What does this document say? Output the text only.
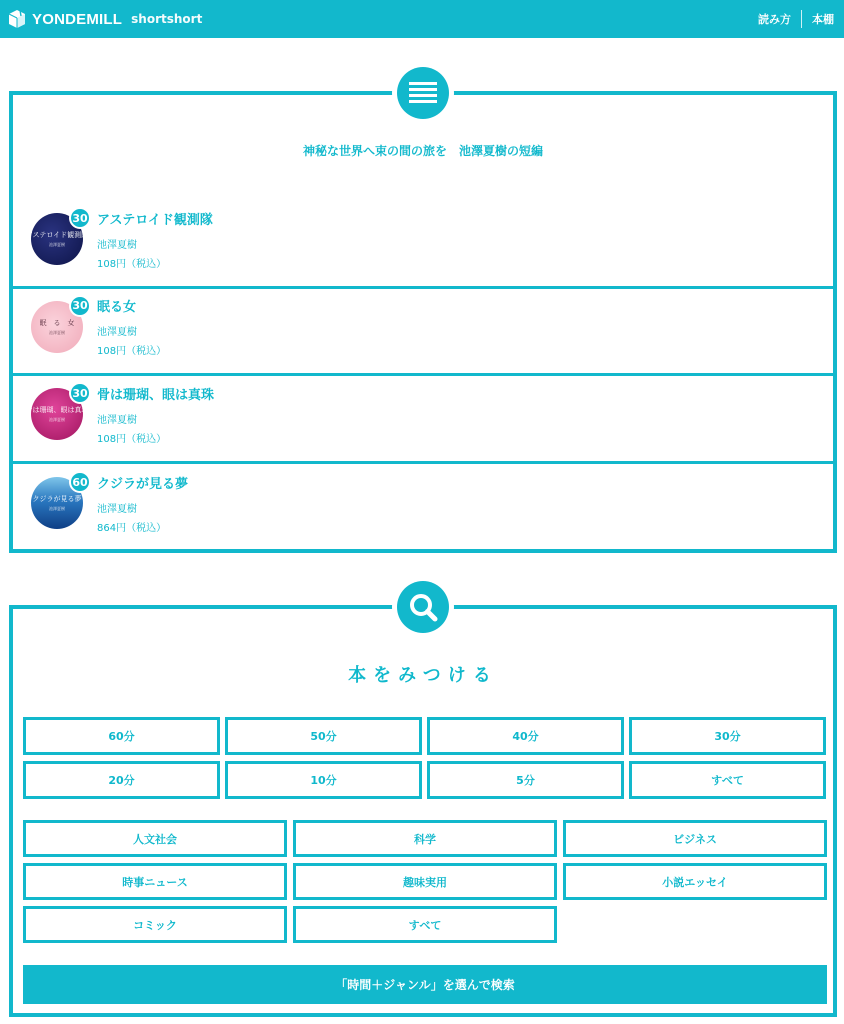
YONDEMILL shortshort	読み方	本棚
神秘な世界へ束の間の旅を　池澤夏樹の短編
アステロイド観測隊
池澤夏樹
30 アステロイド観測隊
池澤夏樹
108円（税込）
眠　る　女
池澤夏樹
30 眠る女
池澤夏樹
108円（税込）
骨は珊瑚、眼は真珠
池澤夏樹
30 骨は珊瑚、眼は真珠
池澤夏樹
108円（税込）
クジラが見る夢
池澤夏樹
60 クジラが見る夢
池澤夏樹
864円（税込）
本をみつける
60分	50分	40分	30分
20分	10分	5分	すべて
人文社会	科学	ビジネス
時事ニュース	趣味実用	小説エッセイ
コミック	すべて
「時間＋ジャンル」を選んで検索
